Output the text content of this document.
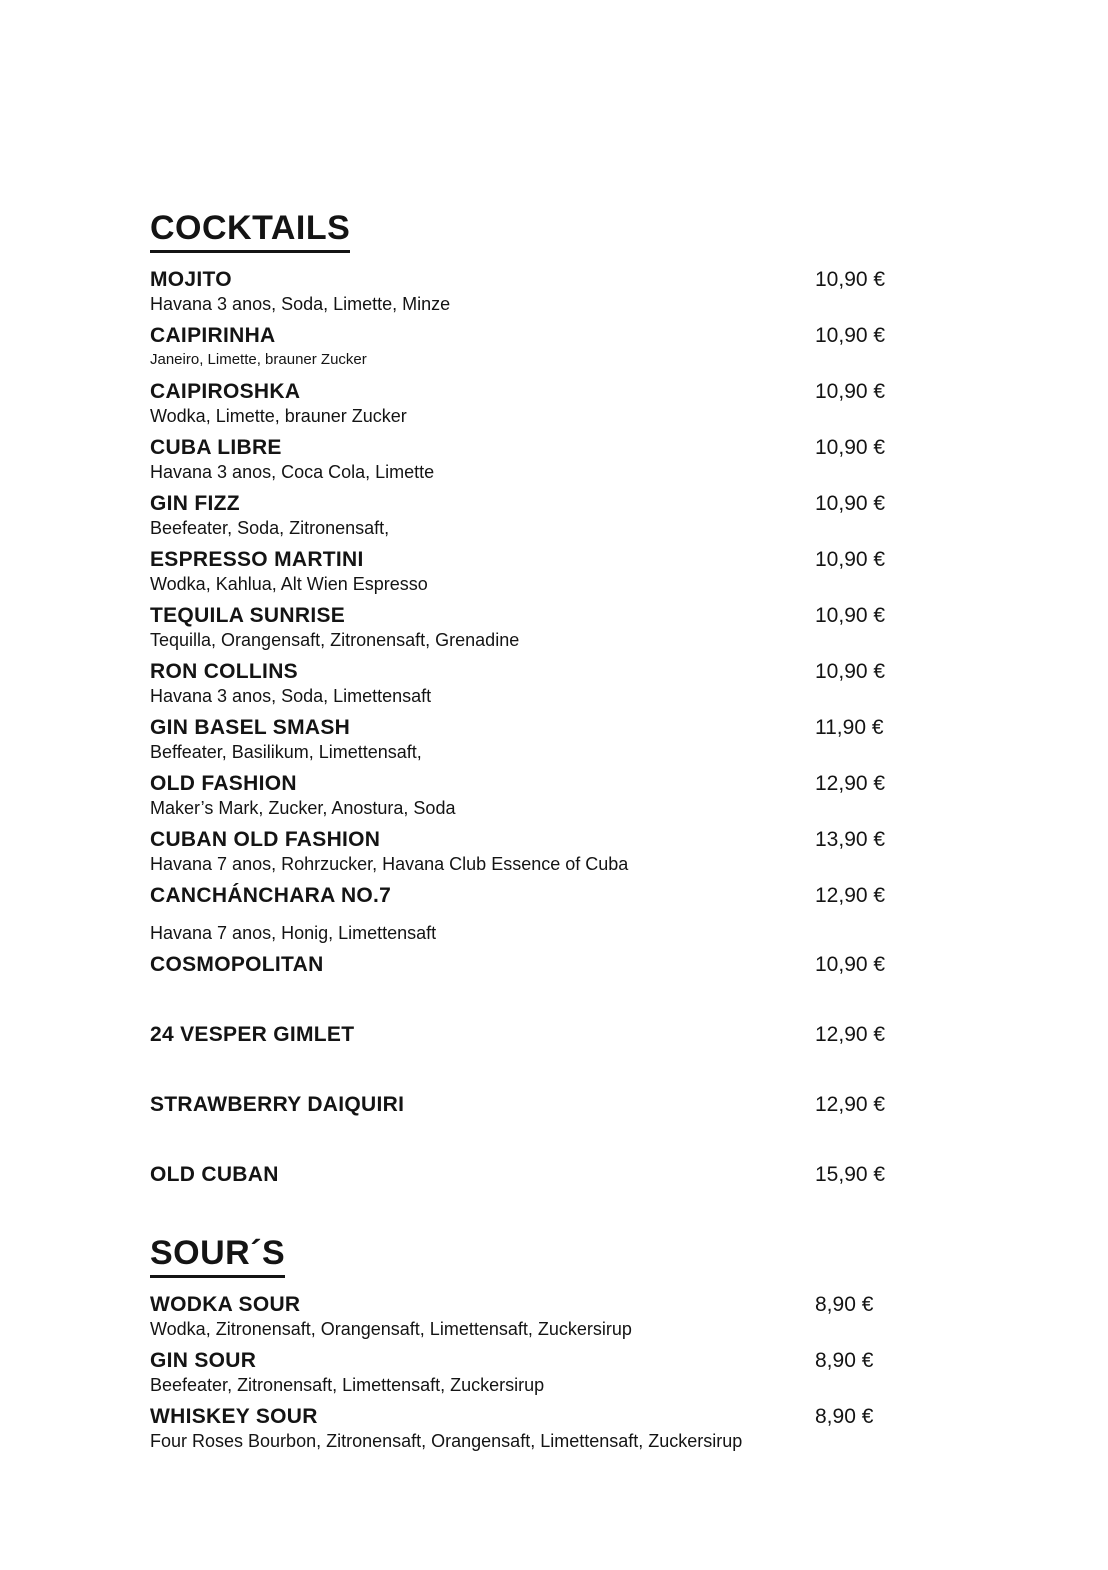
COCKTAILS
MOJITO	10,90 €
Havana 3 anos, Soda, Limette, Minze
CAIPIRINHA	10,90 €
Janeiro, Limette, brauner Zucker
CAIPIROSHKA	10,90 €
Wodka, Limette, brauner Zucker
CUBA LIBRE	10,90 €
Havana 3 anos, Coca Cola, Limette
GIN FIZZ	10,90 €
Beefeater, Soda, Zitronensaft,
ESPRESSO MARTINI	10,90 €
Wodka, Kahlua, Alt Wien Espresso
TEQUILA SUNRISE	10,90 €
Tequilla, Orangensaft, Zitronensaft, Grenadine
RON COLLINS	10,90 €
Havana 3 anos, Soda, Limettensaft
GIN BASEL SMASH	11,90 €
Beffeater, Basilikum, Limettensaft,
OLD FASHION	12,90 €
Maker’s Mark, Zucker, Anostura, Soda
CUBAN OLD FASHION	13,90 €
Havana 7 anos, Rohrzucker, Havana Club Essence of Cuba
CANCHÁNCHARA NO.7	12,90 €
Havana 7 anos, Honig, Limettensaft
COSMOPOLITAN	10,90 €
24 VESPER GIMLET	12,90 €
STRAWBERRY DAIQUIRI	12,90 €
OLD CUBAN	15,90 €
SOUR´S
WODKA SOUR	8,90 €
Wodka, Zitronensaft, Orangensaft, Limettensaft, Zuckersirup
GIN SOUR	8,90 €
Beefeater, Zitronensaft, Limettensaft, Zuckersirup
WHISKEY SOUR	8,90 €
Four Roses Bourbon, Zitronensaft, Orangensaft, Limettensaft, Zuckersirup
